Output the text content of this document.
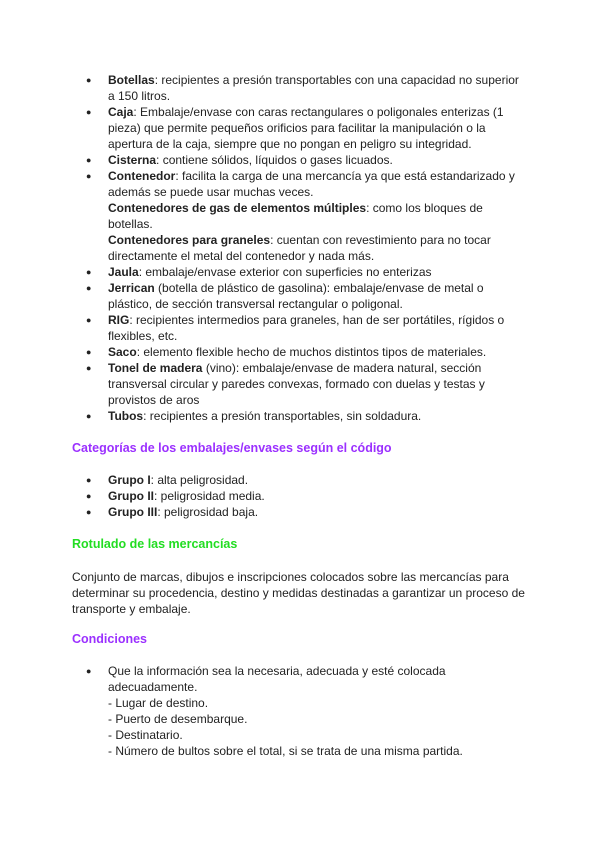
● Botellas: recipientes a presión transportables con una capacidad no superior a 150 litros.
● Caja: Embalaje/envase con caras rectangulares o poligonales enterizas (1 pieza) que permite pequeños orificios para facilitar la manipulación o la apertura de la caja, siempre que no pongan en peligro su integridad.
● Cisterna: contiene sólidos, líquidos o gases licuados.
● Contenedor: facilita la carga de una mercancía ya que está estandarizado y además se puede usar muchas veces.
Contenedores de gas de elementos múltiples: como los bloques de botellas.
Contenedores para graneles: cuentan con revestimiento para no tocar directamente el metal del contenedor y nada más.
● Jaula: embalaje/envase exterior con superficies no enterizas
● Jerrican (botella de plástico de gasolina): embalaje/envase de metal o plástico, de sección transversal rectangular o poligonal.
● RIG: recipientes intermedios para graneles, han de ser portátiles, rígidos o flexibles, etc.
● Saco: elemento flexible hecho de muchos distintos tipos de materiales.
● Tonel de madera (vino): embalaje/envase de madera natural, sección transversal circular y paredes convexas, formado con duelas y testas y provistos de aros
● Tubos: recipientes a presión transportables, sin soldadura.
Categorías de los embalajes/envases según el código
● Grupo I: alta peligrosidad.
● Grupo II: peligrosidad media.
● Grupo III: peligrosidad baja.
Rotulado de las mercancías

Conjunto de marcas, dibujos e inscripciones colocados sobre las mercancías para determinar su procedencia, destino y medidas destinadas a garantizar un proceso de transporte y embalaje.

Condiciones
● Que la información sea la necesaria, adecuada y esté colocada adecuadamente.
- Lugar de destino.
- Puerto de desembarque.
- Destinatario.
- Número de bultos sobre el total, si se trata de una misma partida.
